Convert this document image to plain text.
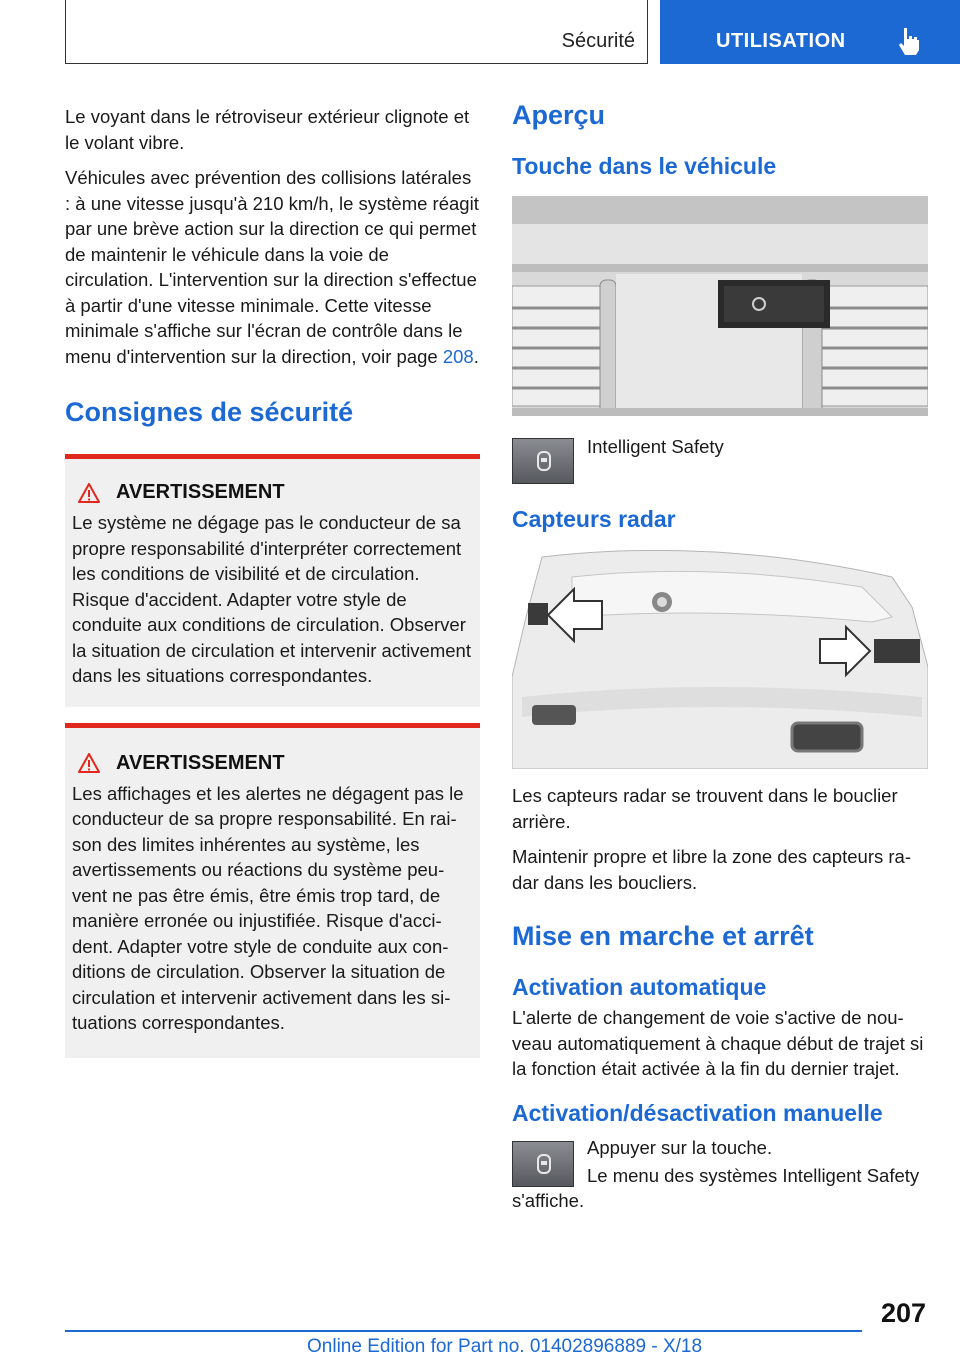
Sécurité	UTILISATION

Le voyant dans le rétroviseur extérieur clignote et le volant vibre.

Véhicules avec prévention des collisions latérales : à une vitesse jusqu'à 210 km/h, le système réagit par une brève action sur la direction ce qui permet de maintenir le véhicule dans la voie de circulation. L'intervention sur la direction s'effectue à partir d'une vitesse minimale. Cette vitesse minimale s'affiche sur l'écran de contrôle dans le menu d'intervention sur la direction, voir page 208.

Consignes de sécurité
AVERTISSEMENT

Le système ne dégage pas le conducteur de sa propre responsabilité d'interpréter correctement les conditions de visibilité et de circulation. Risque d'accident. Adapter votre style de conduite aux conditions de circulation. Observer la situation de circulation et intervenir activement dans les situations correspondantes.

AVERTISSEMENT

Les affichages et les alertes ne dégagent pas le conducteur de sa propre responsabilité. En raison des limites inhérentes au système, les avertissements ou réactions du système peuvent ne pas être émis, être émis trop tard, de manière erronée ou injustifiée. Risque d'accident. Adapter votre style de conduite aux conditions de circulation. Observer la situation de circulation et intervenir activement dans les situations correspondantes.

Aperçu
Touche dans le véhicule

Intelligent Safety

Capteurs radar

Les capteurs radar se trouvent dans le bouclier arrière.

Maintenir propre et libre la zone des capteurs radar dans les boucliers.

Mise en marche et arrêt
Activation automatique

L'alerte de changement de voie s'active de nouveau automatiquement à chaque début de trajet si la fonction était activée à la fin du dernier trajet.

Activation/désactivation manuelle

Appuyer sur la touche.

Le menu des systèmes Intelligent Safety s'affiche.

207
Online Edition for Part no. 01402896889 - X/18
